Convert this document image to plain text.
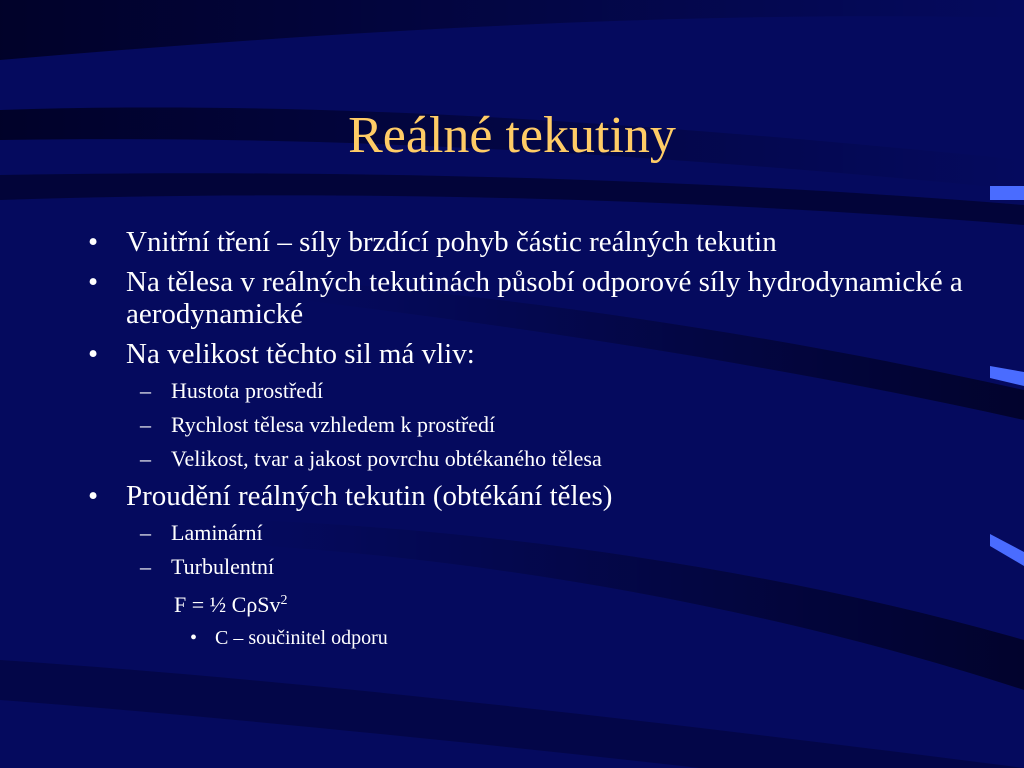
Reálné tekutiny
• Vnitřní tření – síly brzdící pohyb částic reálných tekutin
• Na tělesa v reálných tekutinách působí odporové síly hydrodynamické a aerodynamické
• Na velikost těchto sil má vliv:
– Hustota prostředí
– Rychlost tělesa vzhledem k prostředí
– Velikost, tvar a jakost povrchu obtékaného tělesa
• Proudění reálných tekutin (obtékání těles)
– Laminární
– Turbulentní
F = ½ CρSv$^2$
• C – součinitel odporu
